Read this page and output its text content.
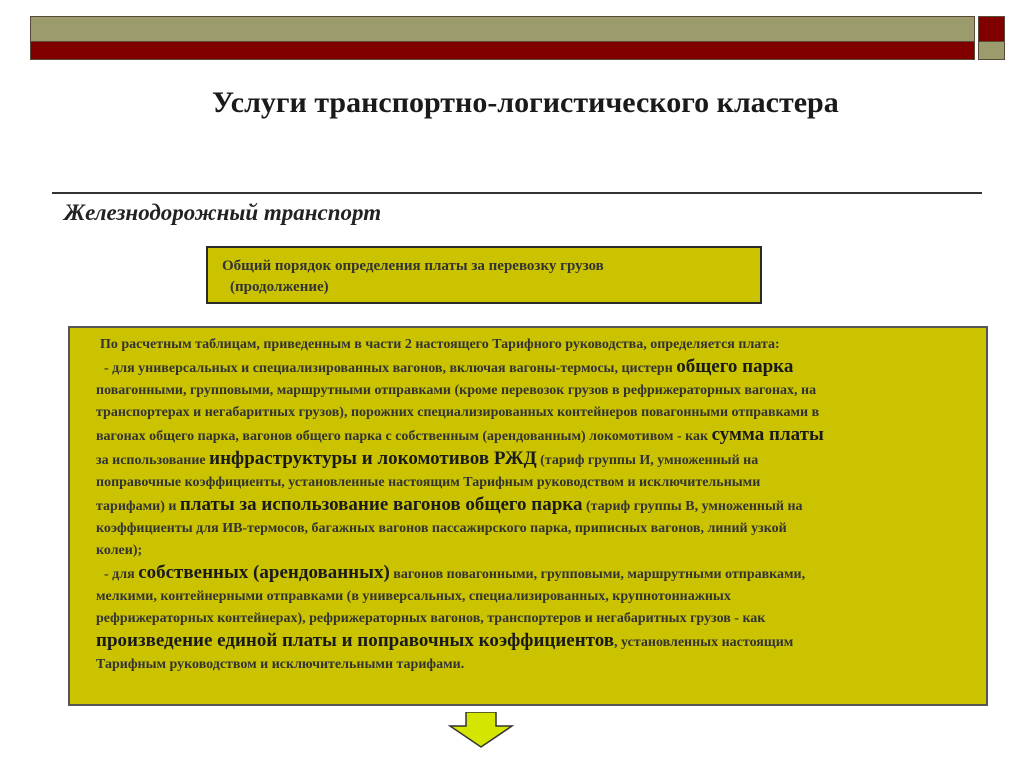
Услуги транспортно-логистического кластера
Железнодорожный транспорт
Общий порядок определения платы за перевозку грузов
(продолжение)

По расчетным таблицам, приведенным в части 2 настоящего Тарифного руководства, определяется плата:

- для универсальных и специализированных вагонов, включая вагоны-термосы, цистерн общего парка
повагонными, групповыми, маршрутными отправками (кроме перевозок грузов в рефрижераторных вагонах, на
транспортерах и негабаритных грузов), порожних специализированных контейнеров повагонными отправками в
вагонах общего парка, вагонов общего парка с собственным (арендованным) локомотивом - как сумма платы
за использование инфраструктуры и локомотивов РЖД (тариф группы И, умноженный на
поправочные коэффициенты, установленные настоящим Тарифным руководством и исключительными
тарифами) и платы за использование вагонов общего парка (тариф группы В, умноженный на
коэффициенты для ИВ-термосов, багажных вагонов пассажирского парка, приписных вагонов, линий узкой
колеи);
- для собственных (арендованных) вагонов повагонными, групповыми, маршрутными отправками,
мелкими, контейнерными отправками (в универсальных, специализированных, крупнотоннажных
рефрижераторных контейнерах), рефрижераторных вагонов, транспортеров и негабаритных грузов - как
произведение единой платы и поправочных коэффициентов, установленных настоящим
Тарифным руководством и исключительными тарифами.
